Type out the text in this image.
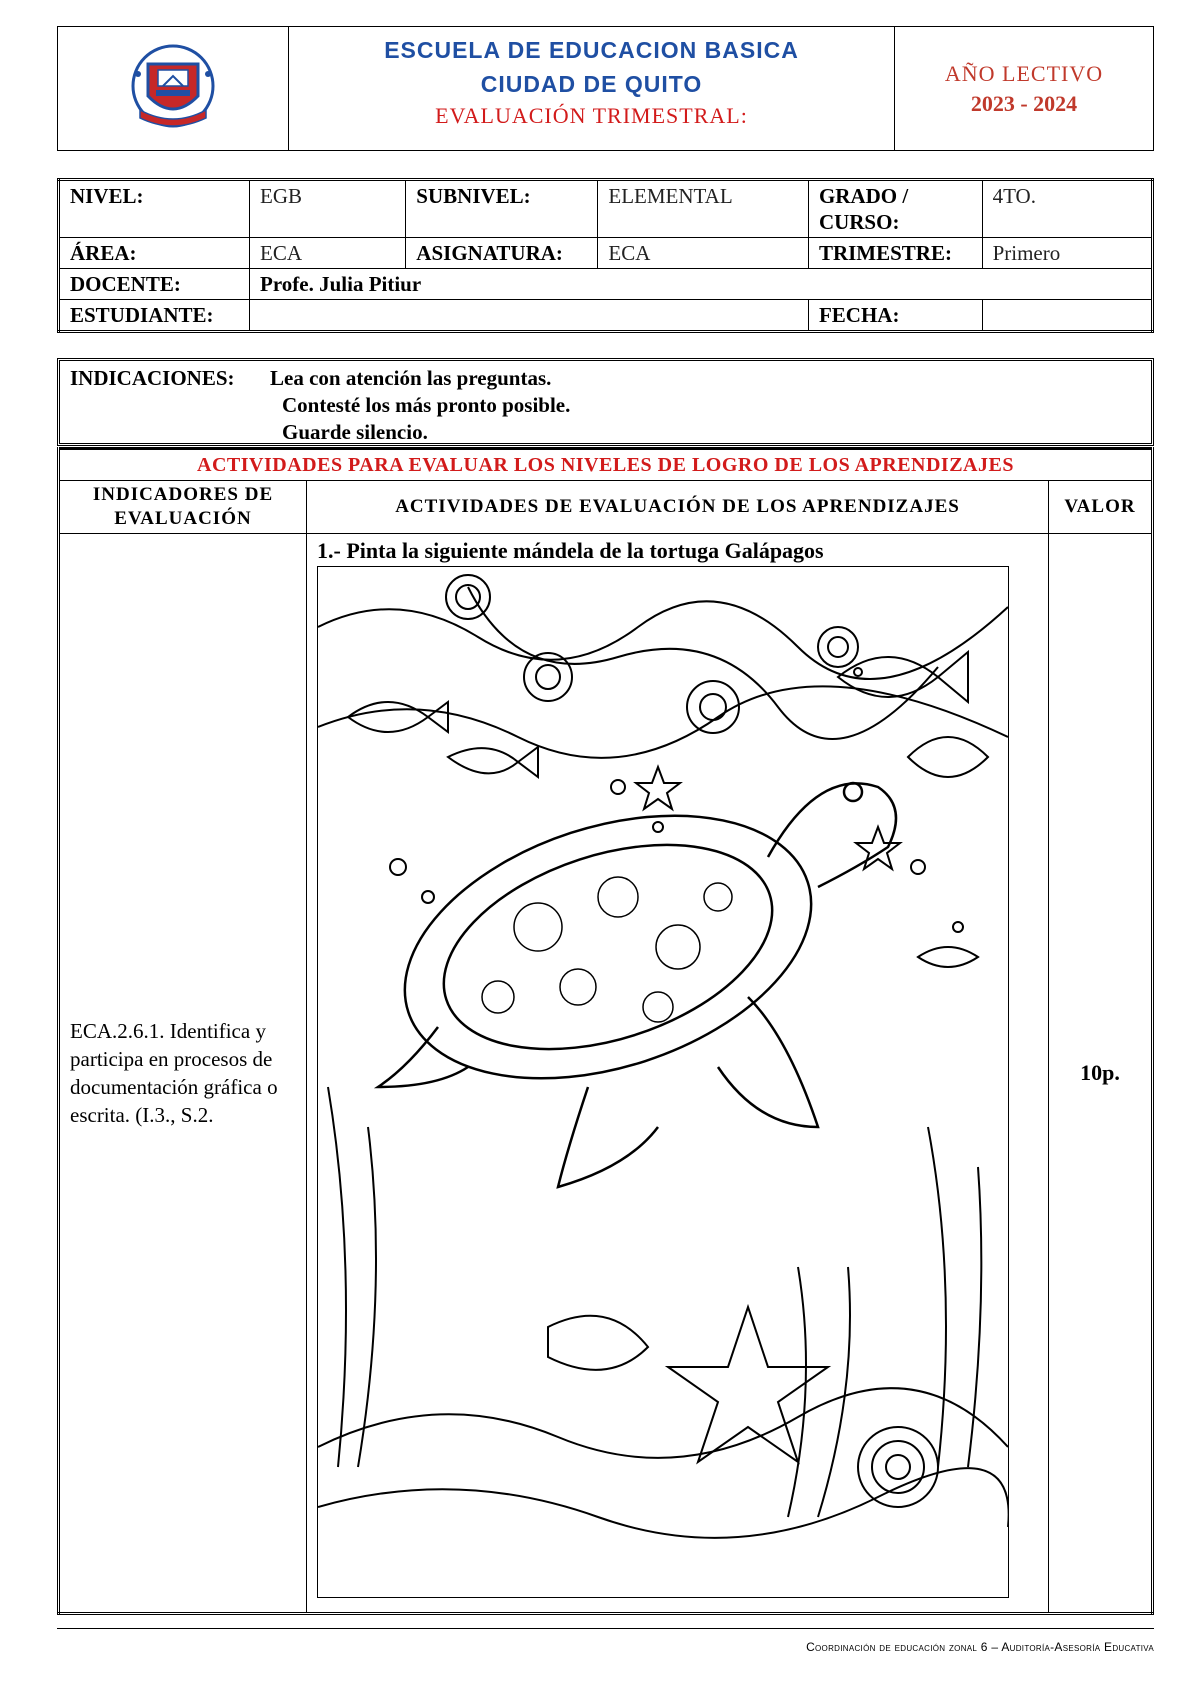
ESCUELA DE EDUCACION BASICA
CIUDAD DE QUITO
EVALUACIÓN TRIMESTRAL:
AÑO LECTIVO
2023 - 2024
NIVEL:	EGB	SUBNIVEL:	ELEMENTAL	GRADO / CURSO:	4TO.
ÁREA:	ECA	ASIGNATURA:	ECA	TRIMESTRE:	Primero
DOCENTE:	Profe. Julia Pitiur				
ESTUDIANTE:				FECHA:	
INDICACIONES:	Lea con atención las preguntas.
Contesté los más pronto posible.
Guarde silencio.
ACTIVIDADES PARA EVALUAR LOS NIVELES DE LOGRO DE LOS APRENDIZAJES		
INDICADORES DE EVALUACIÓN	ACTIVIDADES DE EVALUACIÓN DE LOS APRENDIZAJES	VALOR
ECA.2.6.1. Identifica y participa en procesos de documentación gráfica o escrita. (I.3., S.2.	1.- Pinta la siguiente mándela de la tortuga Galápagos	10p.
Coordinación de educación zonal 6 – Auditoría-Asesoría Educativa
